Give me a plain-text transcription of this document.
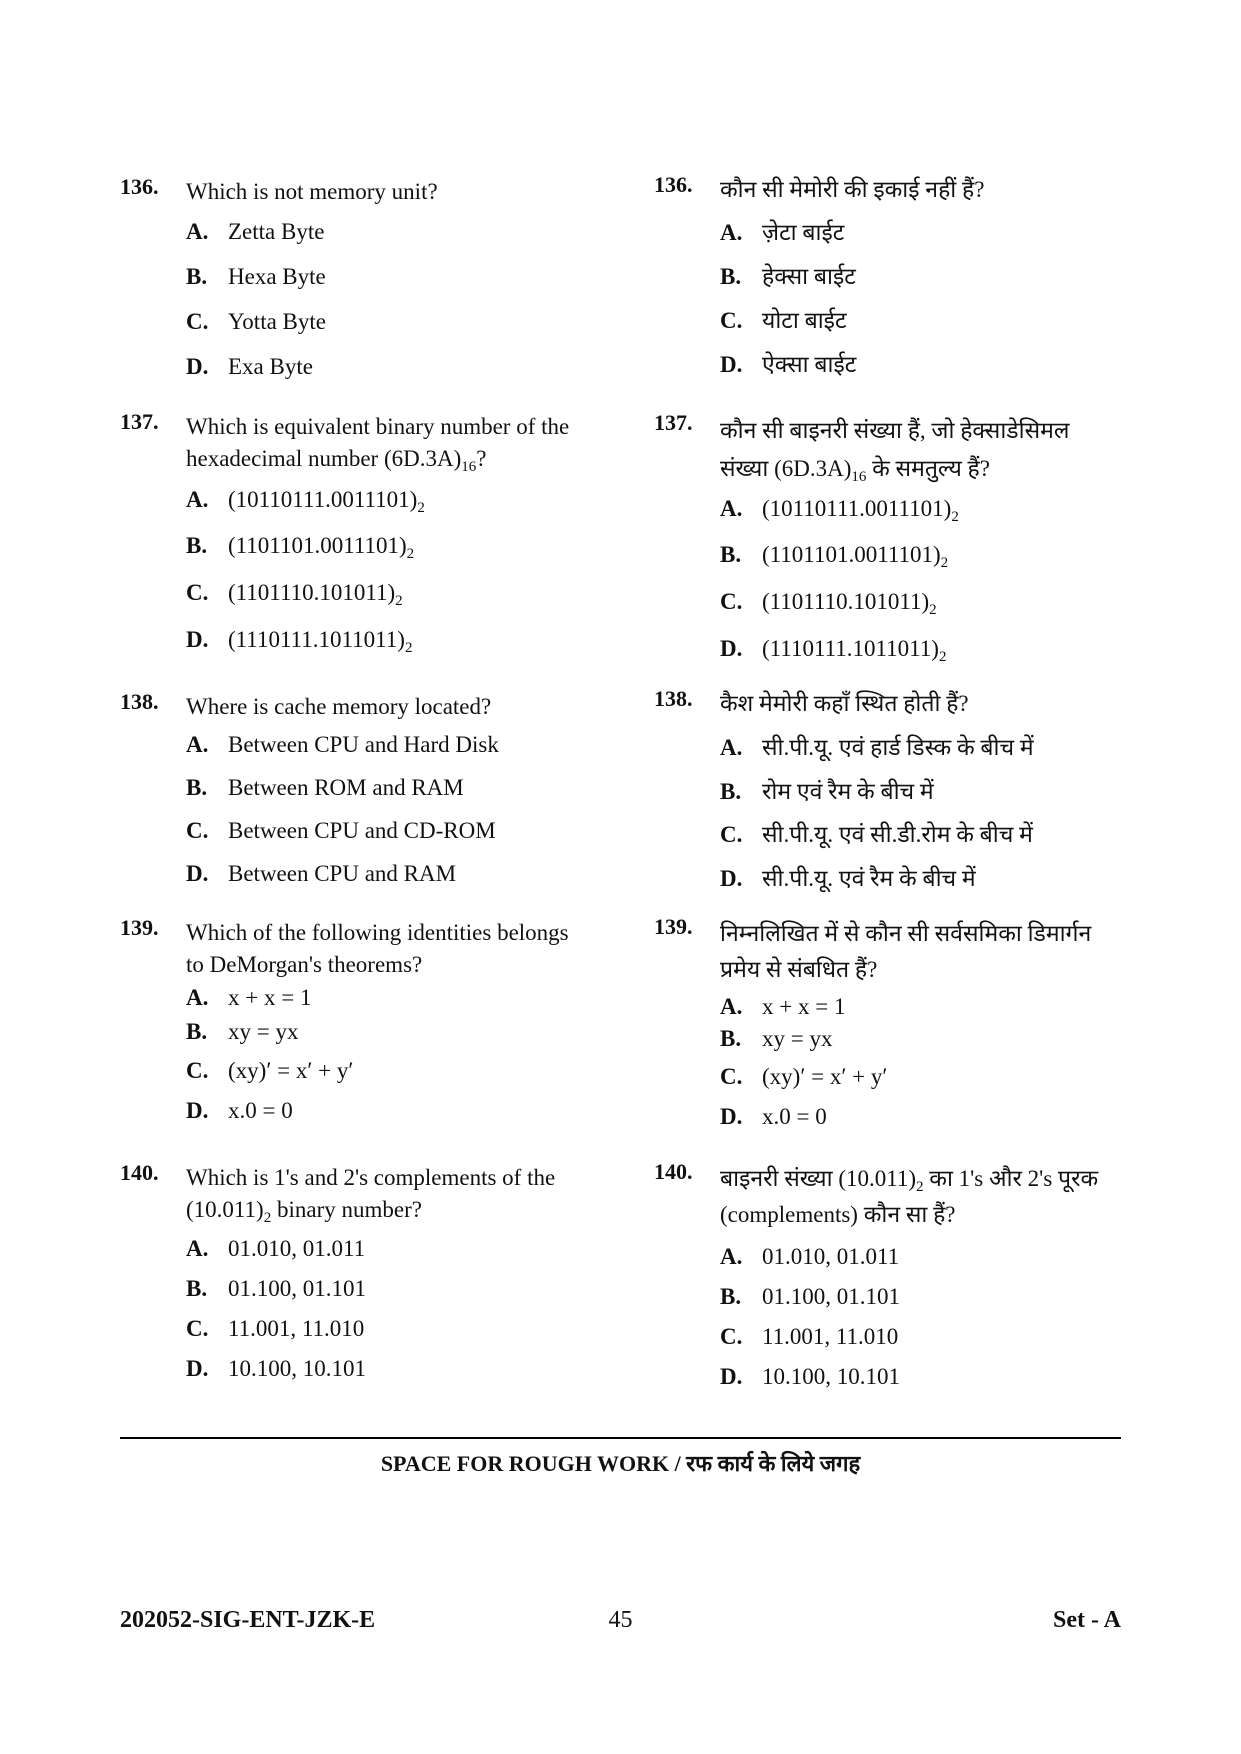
136. Which is not memory unit?
A. Zetta Byte
B. Hexa Byte
C. Yotta Byte
D. Exa Byte
137. Which is equivalent binary number of the hexadecimal number $(6D.3A)_{16}$?
A. $(10110111.0011101)_2$
B. $(1101101.0011101)_2$
C. $(1101110.101011)_2$
D. $(1110111.1011011)_2$
138. Where is cache memory located?
A. Between CPU and Hard Disk
B. Between ROM and RAM
C. Between CPU and CD-ROM
D. Between CPU and RAM
139. Which of the following identities belongs to DeMorgan's theorems?
A. x + x = 1
B. xy = yx
C. (xy)′ = x′ + y′
D. x.0 = 0
140. Which is 1's and 2's complements of the $(10.011)_2$ binary number?
A. 01.010, 01.011
B. 01.100, 01.101
C. 11.001, 11.010
D. 10.100, 10.101
136. कौन सी मेमोरी की इकाई नहीं हैं?
A. ज़ेटा बाईट
B. हेक्सा बाईट
C. योटा बाईट
D. ऐक्सा बाईट
137. कौन सी बाइनरी संख्या हैं, जो हेक्साडेसिमल संख्या $(6D.3A)_{16}$ के समतुल्य हैं?
A. $(10110111.0011101)_2$
B. $(1101101.0011101)_2$
C. $(1101110.101011)_2$
D. $(1110111.1011011)_2$
138. कैश मेमोरी कहाँ स्थित होती हैं?
A. सी.पी.यू. एवं हार्ड डिस्क के बीच में
B. रोम एवं रैम के बीच में
C. सी.पी.यू. एवं सी.डी.रोम के बीच में
D. सी.पी.यू. एवं रैम के बीच में
139. निम्नलिखित में से कौन सी सर्वसमिका डिमार्गन प्रमेय से संबधित हैं?
A. x + x = 1
B. xy = yx
C. (xy)′ = x′ + y′
D. x.0 = 0
140. बाइनरी संख्या $(10.011)_2$ का 1's और 2's पूरक (complements) कौन सा हैं?
A. 01.010, 01.011
B. 01.100, 01.101
C. 11.001, 11.010
D. 10.100, 10.101
SPACE FOR ROUGH WORK / रफ कार्य के लिये जगह
202052-SIG-ENT-JZK-E	45	Set - A
